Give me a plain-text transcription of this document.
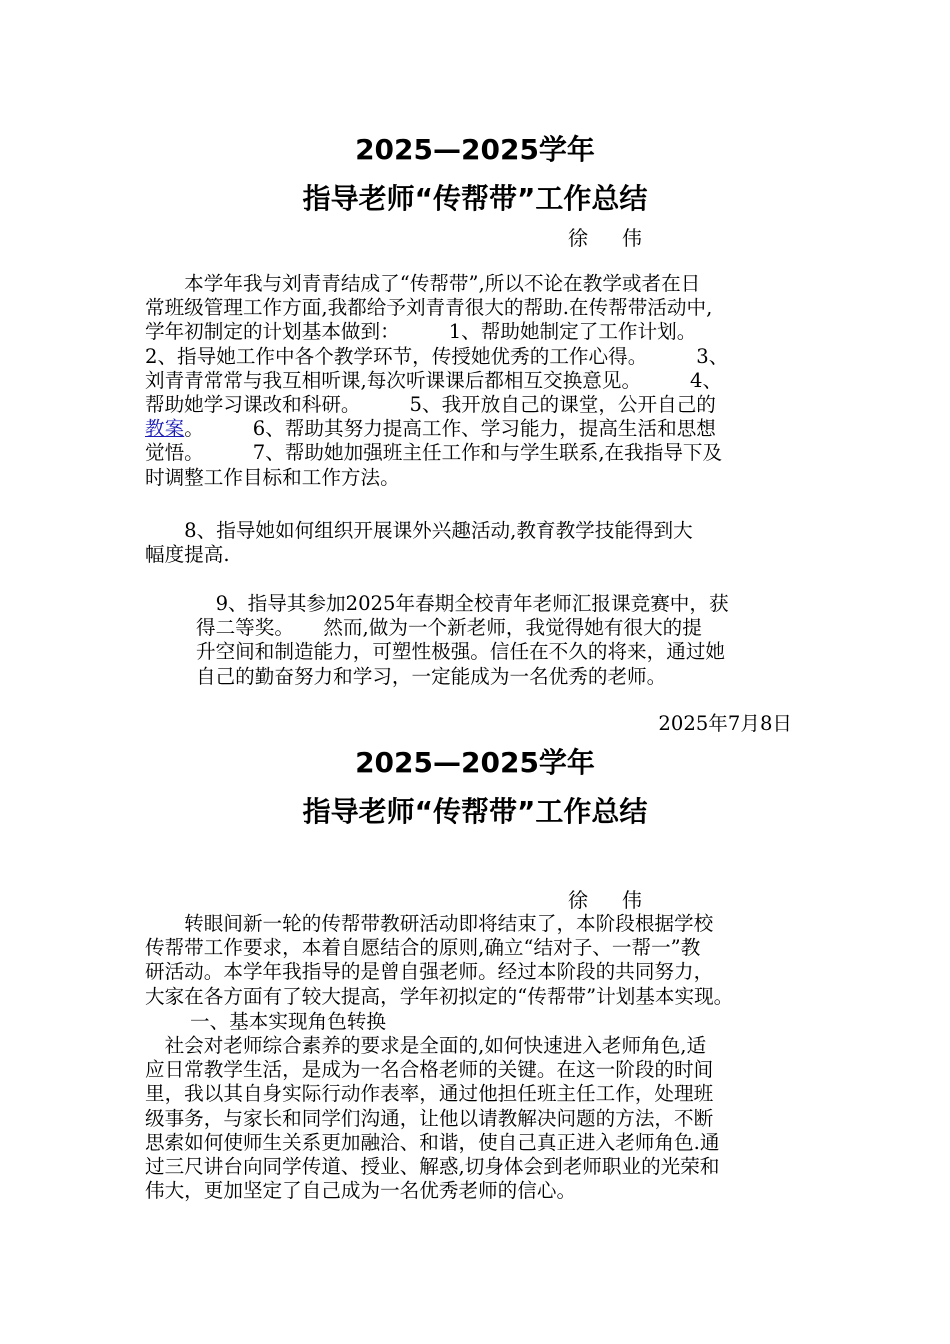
2025—2025学年
指导老师“传帮带”工作总结
徐 伟
　　本学年我与刘青青结成了“传帮带”,所以不论在教学或者在日
常班级管理工作方面,我都给予刘青青很大的帮助.在传帮带活动中,
学年初制定的计划基本做到：　　　1、帮助她制定了工作计划。
2、指导她工作中各个教学环节，传授她优秀的工作心得。　　　3、
刘青青常常与我互相听课,每次听课课后都相互交换意见。　　　4、
帮助她学习课改和科研。　　　5、我开放自己的课堂，公开自己的
教案。　　　6、帮助其努力提高工作、学习能力，提高生活和思想
觉悟。　　　7、帮助她加强班主任工作和与学生联系,在我指导下及
时调整工作目标和工作方法。
　　8、指导她如何组织开展课外兴趣活动,教育教学技能得到大
幅度提高.
　9、指导其参加2025年春期全校青年老师汇报课竞赛中，获
得二等奖。　　然而,做为一个新老师，我觉得她有很大的提
升空间和制造能力，可塑性极强。信任在不久的将来，通过她
自己的勤奋努力和学习，一定能成为一名优秀的老师。
2025年7月8日
2025—2025学年
指导老师“传帮带”工作总结
徐 伟
　　转眼间新一轮的传帮带教研活动即将结束了，本阶段根据学校
传帮带工作要求，本着自愿结合的原则,确立“结对子、一帮一”教
研活动。本学年我指导的是曾自强老师。经过本阶段的共同努力，
大家在各方面有了较大提高，学年初拟定的“传帮带”计划基本实现。
一、基本实现角色转换
　社会对老师综合素养的要求是全面的,如何快速进入老师角色,适
应日常教学生活，是成为一名合格老师的关键。在这一阶段的时间
里，我以其自身实际行动作表率，通过他担任班主任工作，处理班
级事务，与家长和同学们沟通，让他以请教解决问题的方法，不断
思索如何使师生关系更加融洽、和谐，使自己真正进入老师角色.通
过三尺讲台向同学传道、授业、解惑,切身体会到老师职业的光荣和
伟大，更加坚定了自己成为一名优秀老师的信心。
